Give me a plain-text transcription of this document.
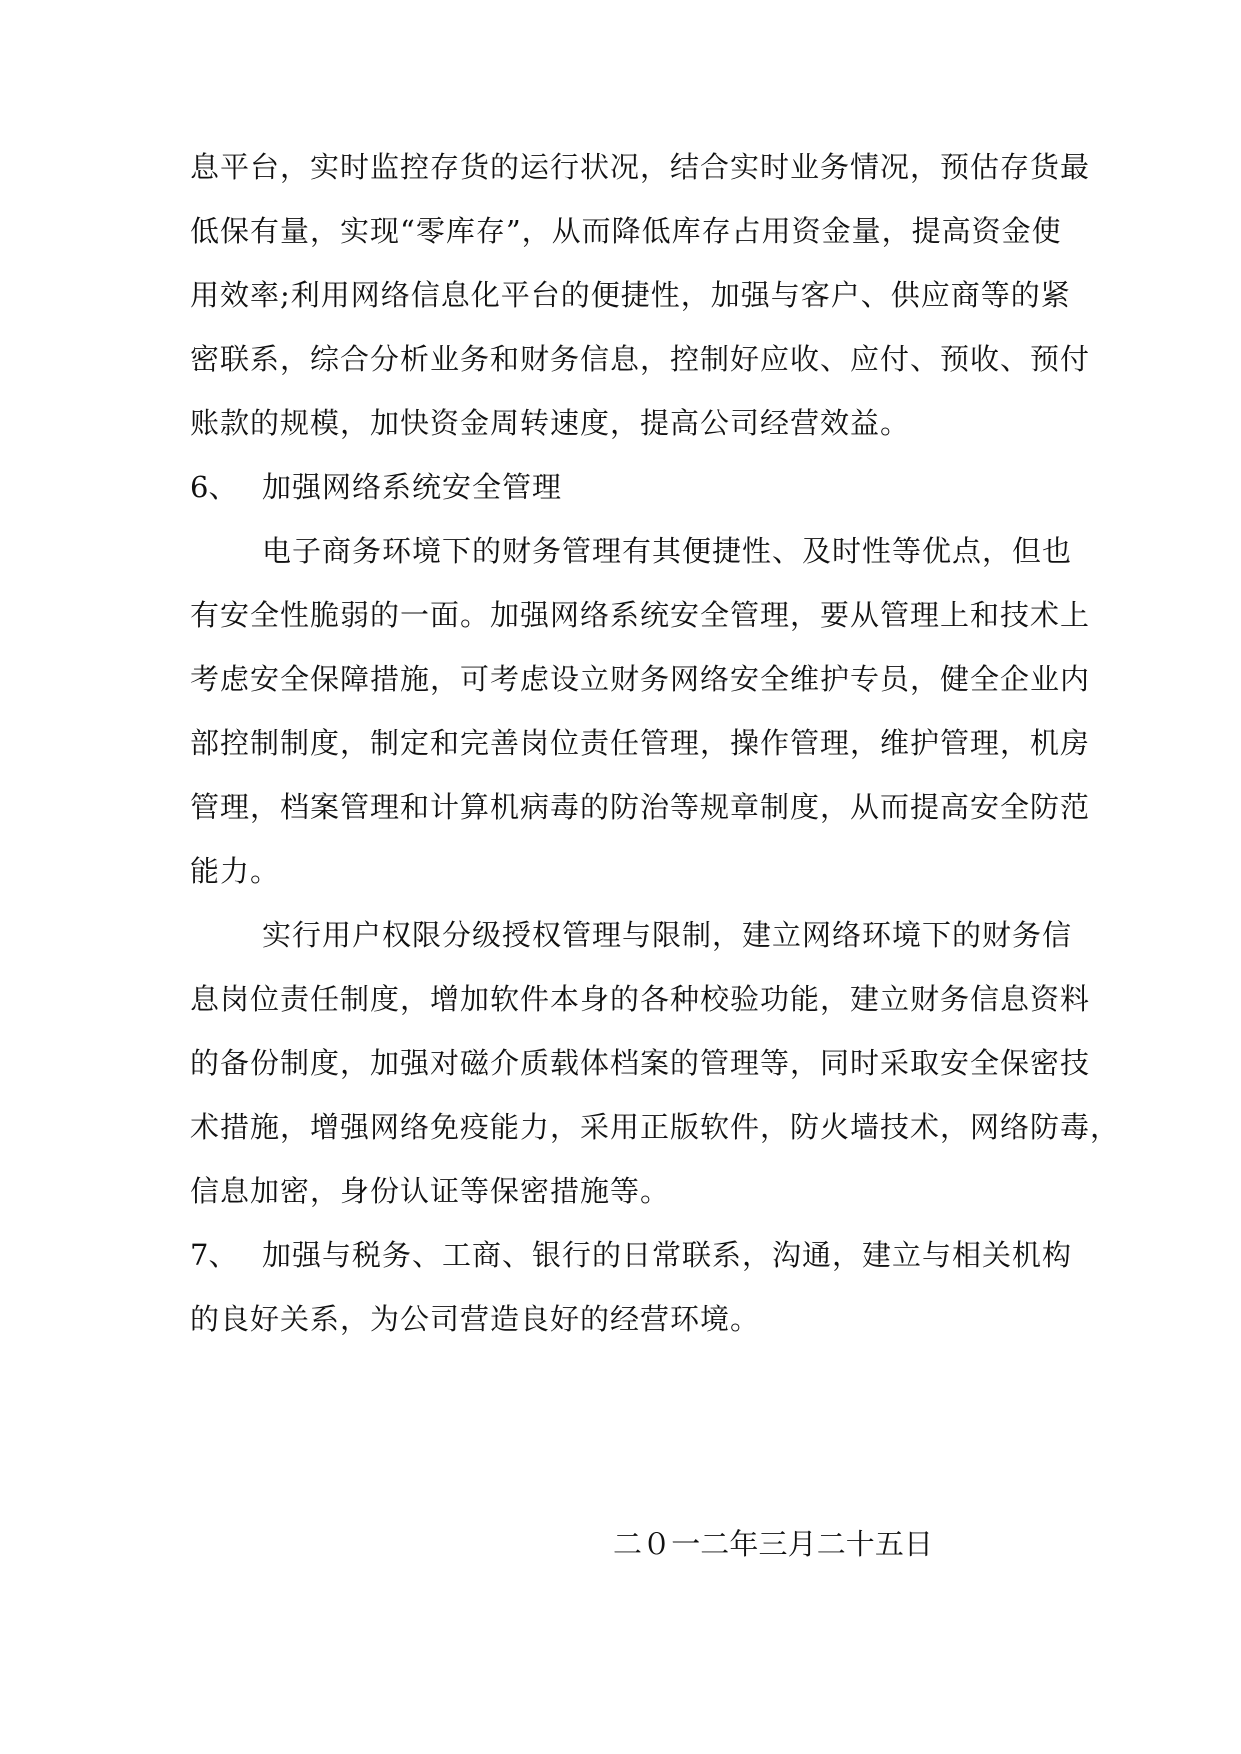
息平台，实时监控存货的运行状况，结合实时业务情况，预估存货最
低保有量，实现“零库存”，从而降低库存占用资金量，提高资金使
用效率;利用网络信息化平台的便捷性，加强与客户、供应商等的紧
密联系，综合分析业务和财务信息，控制好应收、应付、预收、预付
账款的规模，加快资金周转速度，提高公司经营效益。
6、 加强网络系统安全管理
电子商务环境下的财务管理有其便捷性、及时性等优点，但也
有安全性脆弱的一面。加强网络系统安全管理，要从管理上和技术上
考虑安全保障措施，可考虑设立财务网络安全维护专员，健全企业内
部控制制度，制定和完善岗位责任管理，操作管理，维护管理，机房
管理，档案管理和计算机病毒的防治等规章制度，从而提高安全防范
能力。
实行用户权限分级授权管理与限制，建立网络环境下的财务信
息岗位责任制度，增加软件本身的各种校验功能，建立财务信息资料
的备份制度，加强对磁介质载体档案的管理等，同时采取安全保密技
术措施，增强网络免疫能力，采用正版软件，防火墙技术，网络防毒，
信息加密，身份认证等保密措施等。
7、 加强与税务、工商、银行的日常联系，沟通，建立与相关机构
的良好关系，为公司营造良好的经营环境。
二０一二年三月二十五日
